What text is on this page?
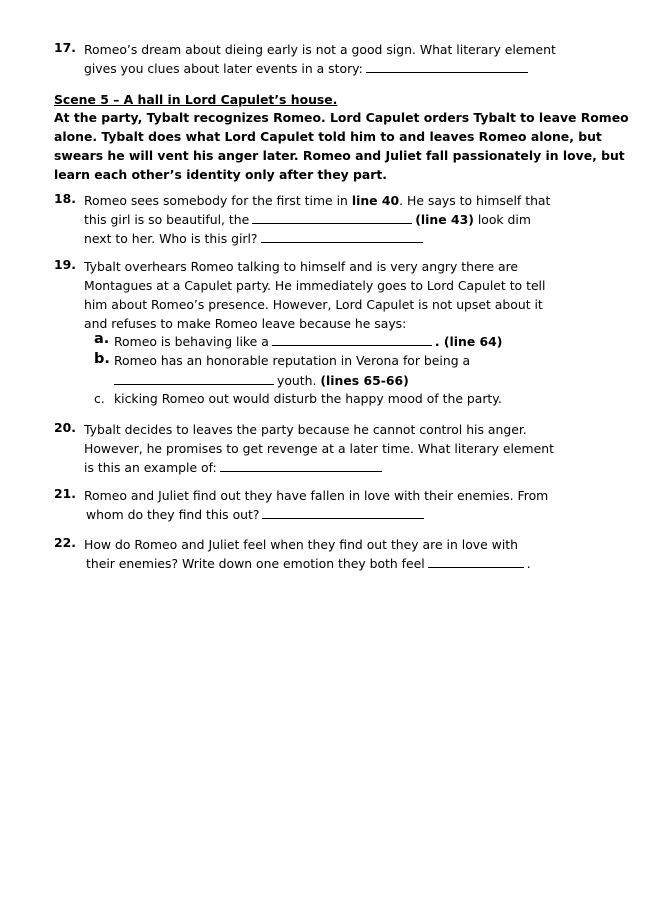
17. Romeo’s dream about dieing early is not a good sign. What literary element
gives you clues about later events in a story:
Scene 5 – A hall in Lord Capulet’s house.
At the party, Tybalt recognizes Romeo. Lord Capulet orders Tybalt to leave Romeo
alone. Tybalt does what Lord Capulet told him to and leaves Romeo alone, but
swears he will vent his anger later. Romeo and Juliet fall passionately in love, but
learn each other’s identity only after they part.
18. Romeo sees somebody for the first time in line 40. He says to himself that
this girl is so beautiful, the	(line 43) look dim
next to her. Who is this girl?
19. Tybalt overhears Romeo talking to himself and is very angry there are
Montagues at a Capulet party. He immediately goes to Lord Capulet to tell
him about Romeo’s presence. However, Lord Capulet is not upset about it
and refuses to make Romeo leave because he says:
a. Romeo is behaving like a	. (line 64)
b. Romeo has an honorable reputation in Verona for being a
youth. (lines 65-66)
c. kicking Romeo out would disturb the happy mood of the party.
20. Tybalt decides to leaves the party because he cannot control his anger.
However, he promises to get revenge at a later time. What literary element
is this an example of:
21. Romeo and Juliet find out they have fallen in love with their enemies. From
whom do they find this out?
22. How do Romeo and Juliet feel when they find out they are in love with
their enemies? Write down one emotion they both feel	.
